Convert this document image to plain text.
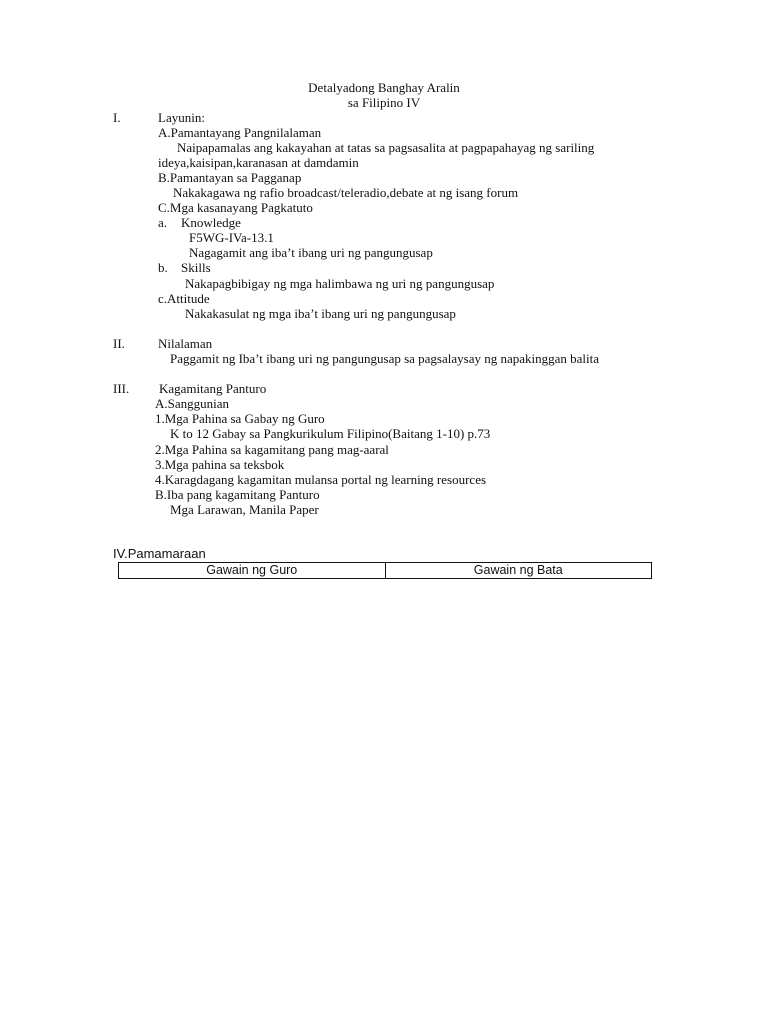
Detalyadong Banghay Aralin
sa Filipino IV
I.	Layunin:
A.Pamantayang Pangnilalaman
Naipapamalas ang kakayahan at tatas sa pagsasalita at pagpapahayag ng sariling
ideya,kaisipan,karanasan at damdamin
B.Pamantayan sa Pagganap
Nakakagawa ng rafio broadcast/teleradio,debate at ng isang forum
C.Mga kasanayang Pagkatuto
a. Knowledge
F5WG-IVa-13.1
Nagagamit ang iba’t ibang uri ng pangungusap
b. Skills
Nakapagbibigay ng mga halimbawa ng uri ng pangungusap
c.Attitude
Nakakasulat ng mga iba’t ibang uri ng pangungusap
II.	Nilalaman
Paggamit ng Iba’t ibang uri ng pangungusap sa pagsalaysay ng napakinggan balita
III. Kagamitang Panturo
A.Sanggunian
1.Mga Pahina sa Gabay ng Guro
K to 12 Gabay sa Pangkurikulum Filipino(Baitang 1-10) p.73
2.Mga Pahina sa kagamitang pang mag-aaral
3.Mga pahina sa teksbok
4.Karagdagang kagamitan mulansa portal ng learning resources
B.Iba pang kagamitang Panturo
Mga Larawan, Manila Paper
IV.Pamamaraan
Gawain ng Guro	Gawain ng Bata
